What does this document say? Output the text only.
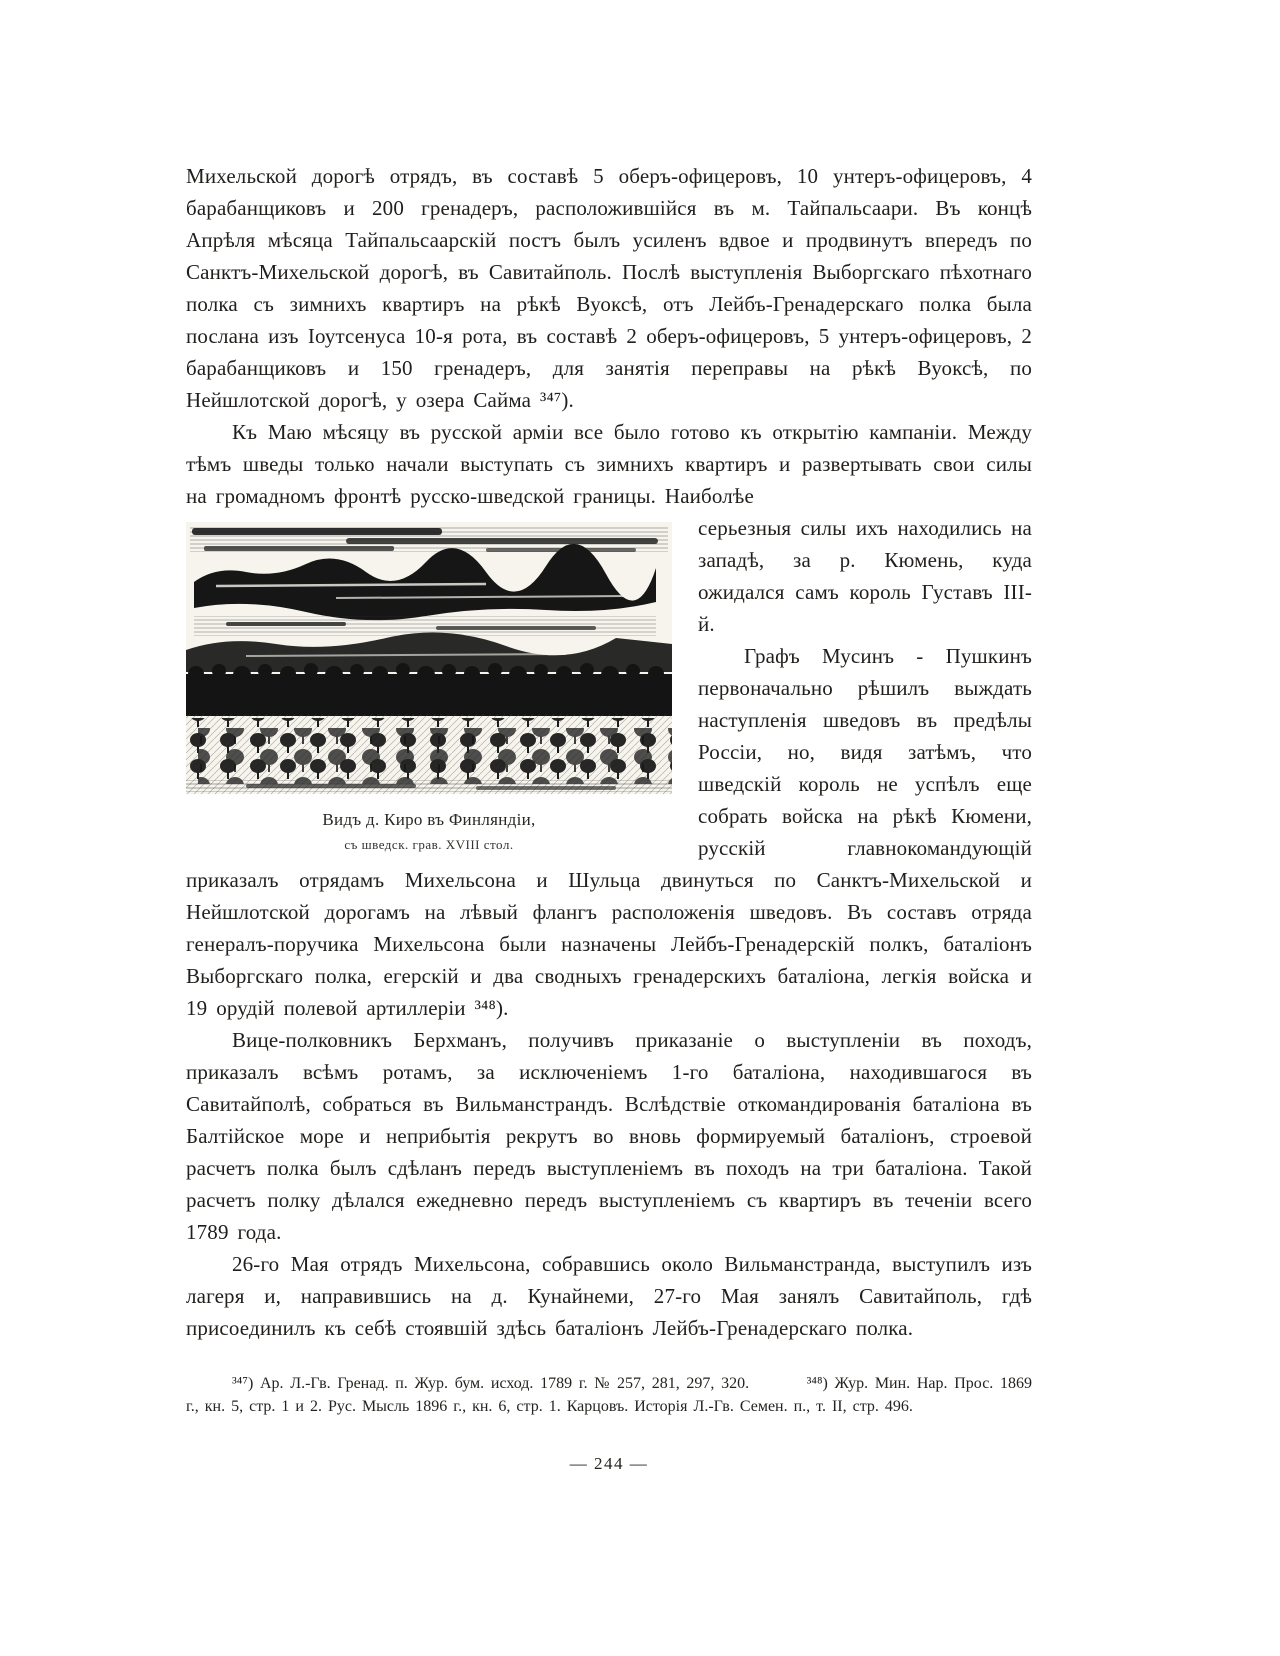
Михельской дорогѣ отрядъ, въ составѣ 5 оберъ-офицеровъ, 10 унтеръ-офицеровъ, 4 барабанщиковъ и 200 гренадеръ, расположившійся въ м. Тайпальсаари. Въ концѣ Апрѣля мѣсяца Тайпальсаарскій постъ былъ усиленъ вдвое и продвинутъ впередъ по Санктъ-Михельской дорогѣ, въ Савитайполь. Послѣ выступленія Выборгскаго пѣхотнаго полка съ зимнихъ квартиръ на рѣкѣ Вуоксѣ, отъ Лейбъ-Гренадерскаго полка была послана изъ Іоутсенуса 10-я рота, въ составѣ 2 оберъ-офицеровъ, 5 унтеръ-офицеровъ, 2 барабанщиковъ и 150 гренадеръ, для занятія переправы на рѣкѣ Вуоксѣ, по Нейшлотской дорогѣ, у озера Сайма ³⁴⁷).

Къ Маю мѣсяцу въ русской арміи все было готово къ открытію кампаніи. Между тѣмъ шведы только начали выступать съ зимнихъ квартиръ и развертывать свои силы на громадномъ фронтѣ русско-шведской границы. Наиболѣе

Видъ д. Киро въ Финляндіи,
съ шведск. грав. XVIII стол.

серьезныя силы ихъ находились на западѣ, за р. Кюмень, куда ожидался самъ король Густавъ III-й.

Графъ Мусинъ - Пушкинъ первоначально рѣшилъ выждать наступленія шведовъ въ предѣлы Россіи, но, видя затѣмъ, что шведскій король не успѣлъ еще собрать войска на рѣкѣ Кюмени, русскій главнокомандующій приказалъ отрядамъ Михельсона и Шульца двинуться по Санктъ-Михельской и Нейшлотской дорогамъ на лѣвый флангъ расположенія шведовъ. Въ составъ отряда генералъ-поручика Михельсона были назначены Лейбъ-Гренадерскій полкъ, баталіонъ Выборгскаго полка, егерскій и два сводныхъ гренадерскихъ баталіона, легкія войска и 19 орудій полевой артиллеріи ³⁴⁸).

Вице-полковникъ Берхманъ, получивъ приказаніе о выступленіи въ походъ, приказалъ всѣмъ ротамъ, за исключеніемъ 1-го баталіона, находившагося въ Савитайполѣ, собраться въ Вильманстрандъ. Вслѣдствіе откомандированія баталіона въ Балтійское море и неприбытія рекрутъ во вновь формируемый баталіонъ, строевой расчетъ полка былъ сдѣланъ передъ выступленіемъ въ походъ на три баталіона. Такой расчетъ полку дѣлался ежедневно передъ выступленіемъ съ квартиръ въ теченіи всего 1789 года.

26-го Мая отрядъ Михельсона, собравшись около Вильманстранда, выступилъ изъ лагеря и, направившись на д. Кунайнеми, 27-го Мая занялъ Савитайполь, гдѣ присоединилъ къ себѣ стоявшій здѣсь баталіонъ Лейбъ-Гренадерскаго полка.

³⁴⁷) Ар. Л.-Гв. Гренад. п. Жур. бум. исход. 1789 г. № 257, 281, 297, 320.	³⁴⁸) Жур. Мин. Нар. Прос. 1869 г., кн. 5, стр. 1 и 2. Рус. Мысль 1896 г., кн. 6, стр. 1. Карцовъ. Исторія Л.-Гв. Семен. п., т. II, стр. 496.

— 244 —
